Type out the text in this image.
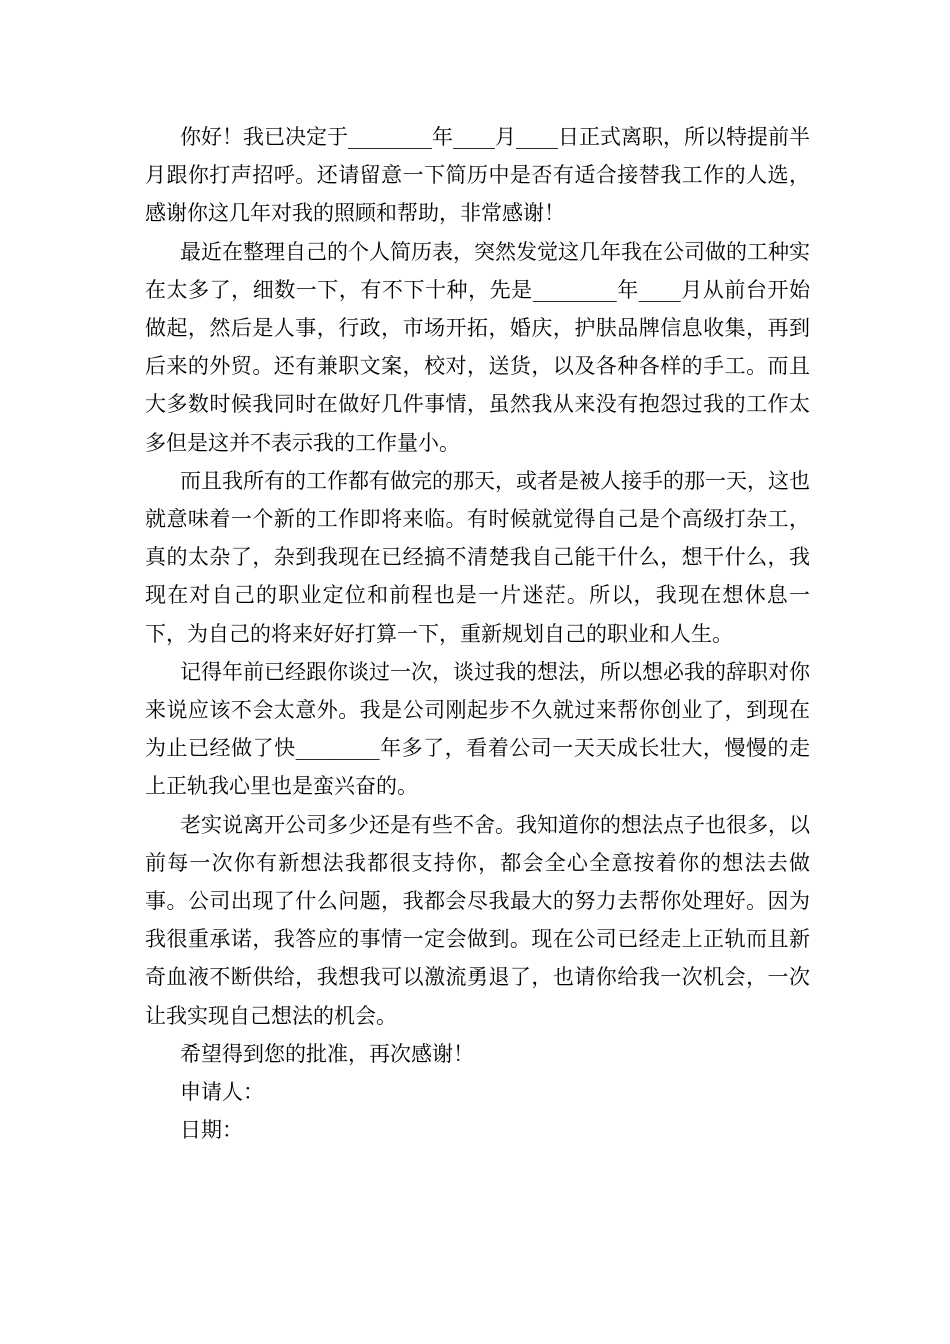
你好！我已决定于________年____月____日正式离职，所以特提前半月跟你打声招呼。还请留意一下简历中是否有适合接替我工作的人选，感谢你这几年对我的照顾和帮助，非常感谢！

最近在整理自己的个人简历表，突然发觉这几年我在公司做的工种实在太多了，细数一下，有不下十种，先是________年____月从前台开始做起，然后是人事，行政，市场开拓，婚庆，护肤品牌信息收集，再到后来的外贸。还有兼职文案，校对，送货，以及各种各样的手工。而且大多数时候我同时在做好几件事情，虽然我从来没有抱怨过我的工作太多但是这并不表示我的工作量小。

而且我所有的工作都有做完的那天，或者是被人接手的那一天，这也就意味着一个新的工作即将来临。有时候就觉得自己是个高级打杂工，真的太杂了，杂到我现在已经搞不清楚我自己能干什么，想干什么，我现在对自己的职业定位和前程也是一片迷茫。所以，我现在想休息一下，为自己的将来好好打算一下，重新规划自己的职业和人生。

记得年前已经跟你谈过一次，谈过我的想法，所以想必我的辞职对你来说应该不会太意外。我是公司刚起步不久就过来帮你创业了，到现在为止已经做了快________年多了，看着公司一天天成长壮大，慢慢的走上正轨我心里也是蛮兴奋的。

老实说离开公司多少还是有些不舍。我知道你的想法点子也很多，以前每一次你有新想法我都很支持你，都会全心全意按着你的想法去做事。公司出现了什么问题，我都会尽我最大的努力去帮你处理好。因为我很重承诺，我答应的事情一定会做到。现在公司已经走上正轨而且新奇血液不断供给，我想我可以激流勇退了，也请你给我一次机会，一次让我实现自己想法的机会。

希望得到您的批准，再次感谢！

申请人：

日期：
